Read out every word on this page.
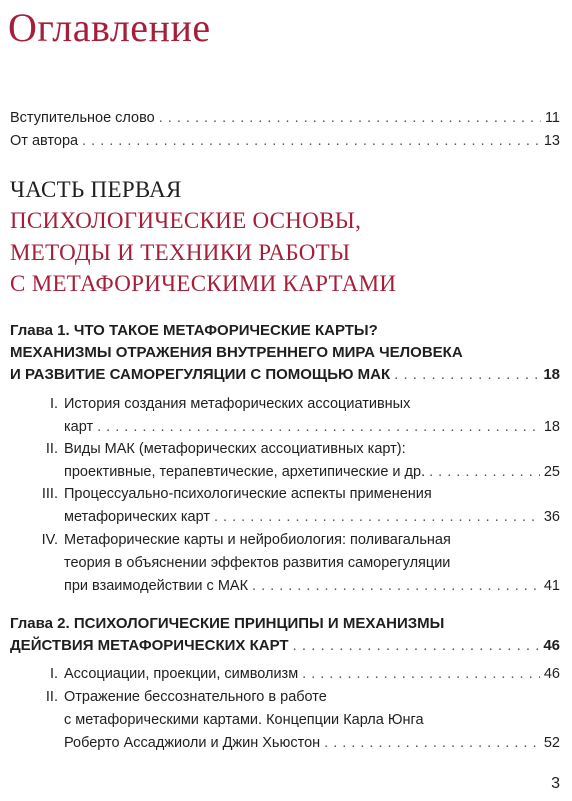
Оглавление
Вступительное слово . . .	11
От автора . . .	13
ЧАСТЬ ПЕРВАЯ
ПСИХОЛОГИЧЕСКИЕ ОСНОВЫ,
МЕТОДЫ И ТЕХНИКИ РАБОТЫ
С МЕТАФОРИЧЕСКИМИ КАРТАМИ
Глава 1. ЧТО ТАКОЕ МЕТАФОРИЧЕСКИЕ КАРТЫ?
МЕХАНИЗМЫ ОТРАЖЕНИЯ ВНУТРЕННЕГО МИРА ЧЕЛОВЕКА
И РАЗВИТИЕ САМОРЕГУЛЯЦИИ С ПОМОЩЬЮ МАК . . .	18
I. История создания метафорических ассоциативных
карт . . .	18
II. Виды МАК (метафорических ассоциативных карт):
проективные, терапевтические, архетипические и др. . . .	25
III. Процессуально-психологические аспекты применения
метафорических карт . . .	36
IV. Метафорические карты и нейробиология: поливагальная
теория в объяснении эффектов развития саморегуляции
при взаимодействии с МАК . . .	41
Глава 2. ПСИХОЛОГИЧЕСКИЕ ПРИНЦИПЫ И МЕХАНИЗМЫ
ДЕЙСТВИЯ МЕТАФОРИЧЕСКИХ КАРТ . . .	46
I. Ассоциации, проекции, символизм . . .	46
II. Отражение бессознательного в работе
с метафорическими картами. Концепции Карла Юнга
Роберто Ассаджиоли и Джин Хьюстон . . .	52
3
